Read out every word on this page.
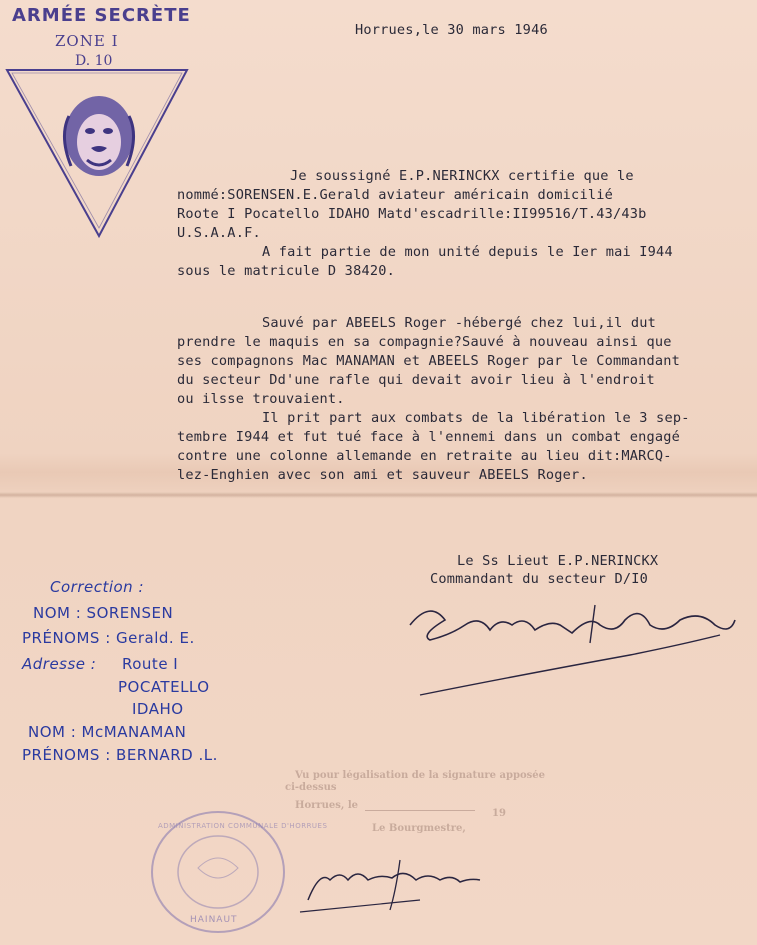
ARMÉE SECRÈTE
ZONE I
D. 10
Horrues,le 30 mars 1946
Je soussigné E.P.NERINCKX certifie que le
nommé:SORENSEN.E.Gerald aviateur américain domicilié
Roote I Pocatello IDAHO Matd'escadrille:II99516/T.43/43b
U.S.A.A.F.
A fait partie de mon unité depuis le Ier mai I944
sous le matricule D 38420.
Sauvé par ABEELS Roger -hébergé chez lui,il dut
prendre le maquis en sa compagnie?Sauvé à nouveau ainsi que
ses compagnons Mac MANAMAN et ABEELS Roger par le Commandant
du secteur Dd'une rafle qui devait avoir lieu à l'endroit
ou ilsse trouvaient.
Il prit part aux combats de la libération le 3 sep-
tembre I944 et fut tué face à l'ennemi dans un combat engagé
contre une colonne allemande en retraite au lieu dit:MARCQ-
lez-Enghien avec son ami et sauveur ABEELS Roger.
Le Ss Lieut E.P.NERINCKX
Commandant du secteur D/I0
Correction :
NOM : SORENSEN
PRÉNOMS : Gerald. E.
Adresse : Route I
POCATELLO
IDAHO
NOM : McMANAMAN
PRÉNOMS : BERNARD .L.
Vu pour légalisation de la signature apposée
ci-dessus
Horrues, le
19
Le Bourgmestre,
HAINAUT
ADMINISTRATION COMMUNALE D'HORRUES
